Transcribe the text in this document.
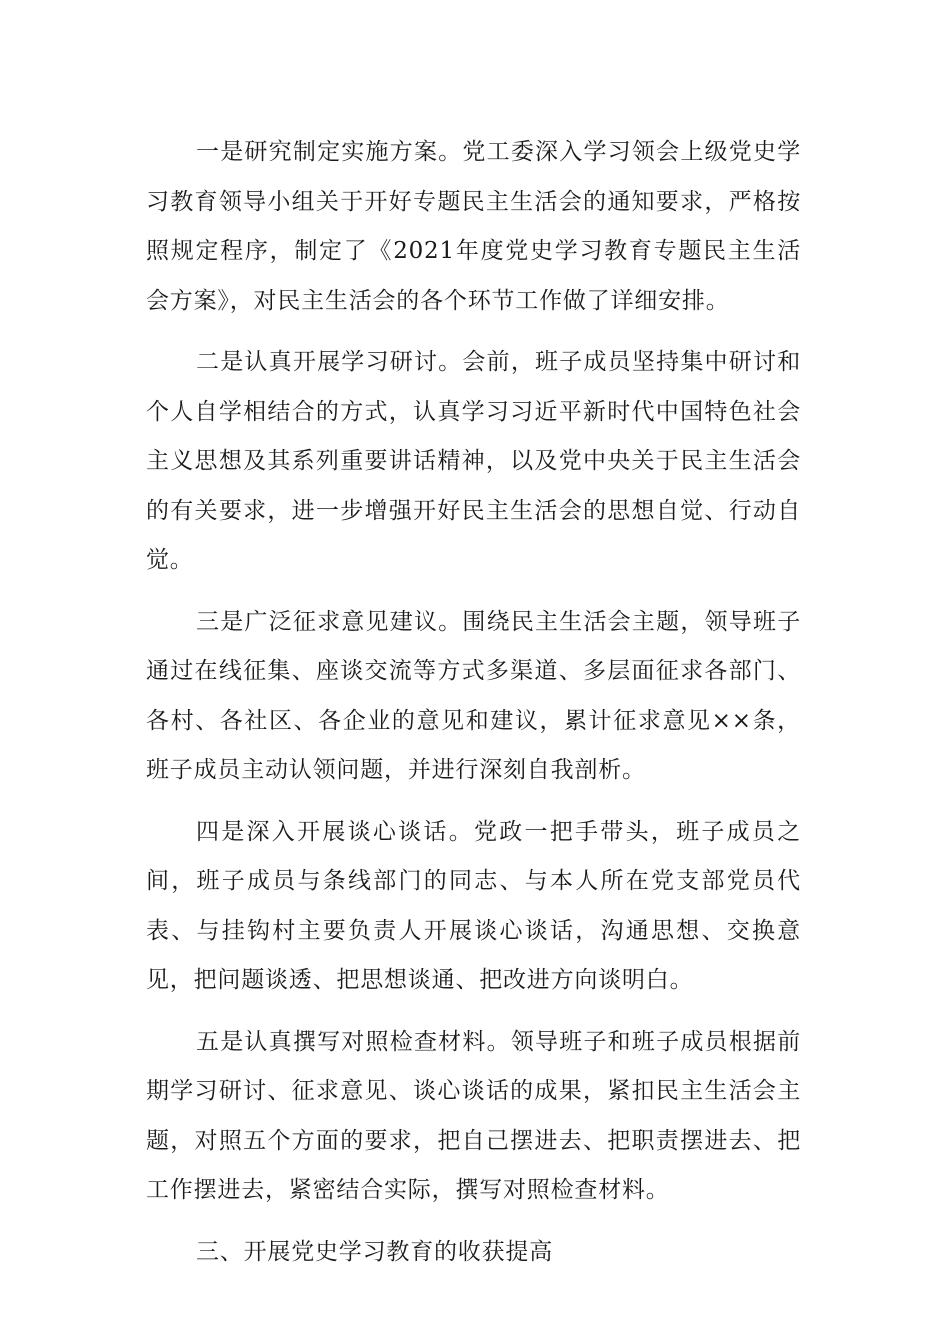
一是研究制定实施方案。党工委深入学习领会上级党史学习教育领导小组关于开好专题民主生活会的通知要求，严格按照规定程序，制定了《2021年度党史学习教育专题民主生活会方案》，对民主生活会的各个环节工作做了详细安排。

二是认真开展学习研讨。会前，班子成员坚持集中研讨和个人自学相结合的方式，认真学习习近平新时代中国特色社会主义思想及其系列重要讲话精神，以及党中央关于民主生活会的有关要求，进一步增强开好民主生活会的思想自觉、行动自觉。

三是广泛征求意见建议。围绕民主生活会主题，领导班子通过在线征集、座谈交流等方式多渠道、多层面征求各部门、各村、各社区、各企业的意见和建议，累计征求意见××条，班子成员主动认领问题，并进行深刻自我剖析。

四是深入开展谈心谈话。党政一把手带头，班子成员之间，班子成员与条线部门的同志、与本人所在党支部党员代表、与挂钩村主要负责人开展谈心谈话，沟通思想、交换意见，把问题谈透、把思想谈通、把改进方向谈明白。

五是认真撰写对照检查材料。领导班子和班子成员根据前期学习研讨、征求意见、谈心谈话的成果，紧扣民主生活会主题，对照五个方面的要求，把自己摆进去、把职责摆进去、把工作摆进去，紧密结合实际，撰写对照检查材料。

三、开展党史学习教育的收获提高
